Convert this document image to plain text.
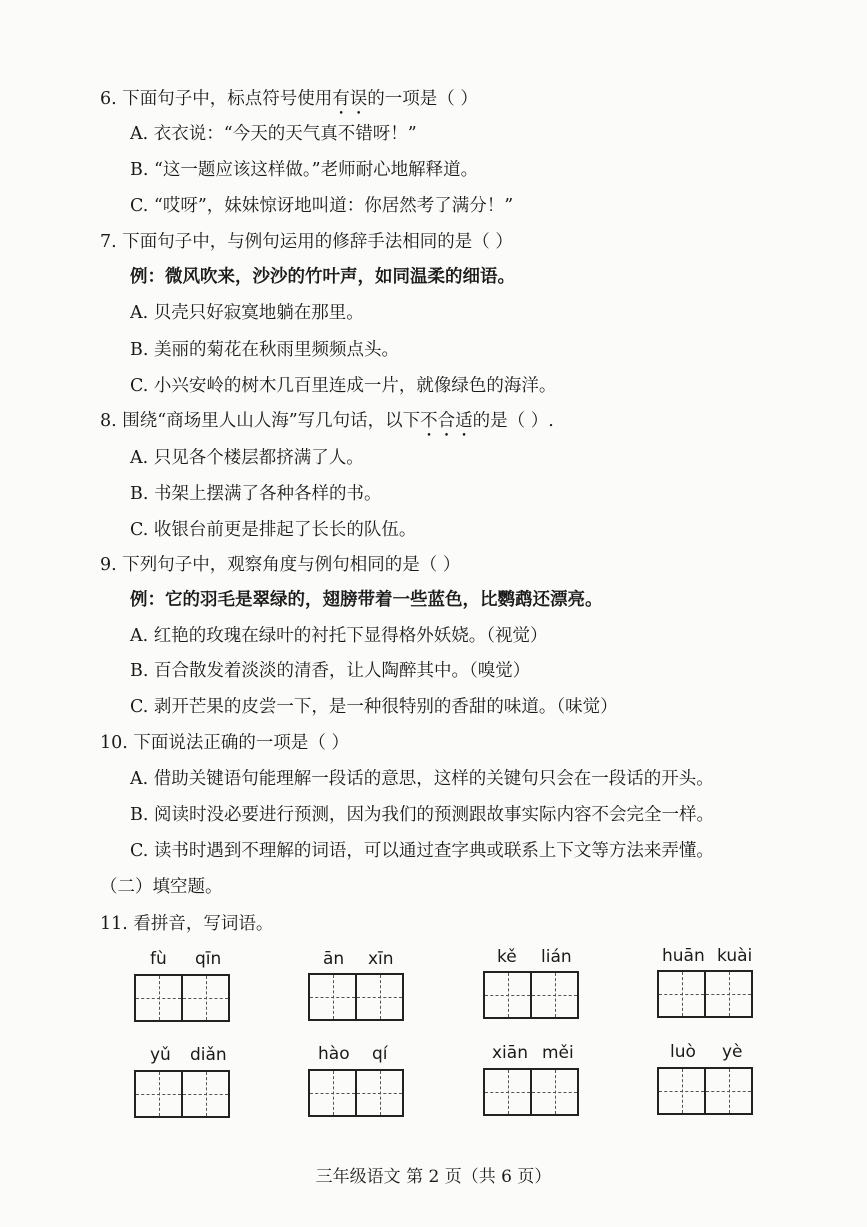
6. 下面句子中，标点符号使用有误的一项是（ ）
A. 衣衣说：“今天的天气真不错呀！”
B. “这一题应该这样做。”老师耐心地解释道。
C. “哎呀”，妹妹惊讶地叫道：你居然考了满分！”
7. 下面句子中，与例句运用的修辞手法相同的是（ ）
例：微风吹来，沙沙的竹叶声，如同温柔的细语。
A. 贝壳只好寂寞地躺在那里。
B. 美丽的菊花在秋雨里频频点头。
C. 小兴安岭的树木几百里连成一片，就像绿色的海洋。
8. 围绕“商场里人山人海”写几句话，以下不合适的是（ ）.
A. 只见各个楼层都挤满了人。
B. 书架上摆满了各种各样的书。
C. 收银台前更是排起了长长的队伍。
9. 下列句子中，观察角度与例句相同的是（ ）
例：它的羽毛是翠绿的，翅膀带着一些蓝色，比鹦鹉还漂亮。
A. 红艳的玫瑰在绿叶的衬托下显得格外妖娆。（视觉）
B. 百合散发着淡淡的清香，让人陶醉其中。（嗅觉）
C. 剥开芒果的皮尝一下，是一种很特别的香甜的味道。（味觉）
10. 下面说法正确的一项是（ ）
A. 借助关键语句能理解一段话的意思，这样的关键句只会在一段话的开头。
B. 阅读时没必要进行预测，因为我们的预测跟故事实际内容不会完全一样。
C. 读书时遇到不理解的词语，可以通过查字典或联系上下文等方法来弄懂。
（二）填空题。
11. 看拼音，写词语。
fù qīn	ān xīn	kě lián	huān kuài
yǔ diǎn	hào qí	xiān měi	luò yè
三年级语文 第 2 页（共 6 页）
